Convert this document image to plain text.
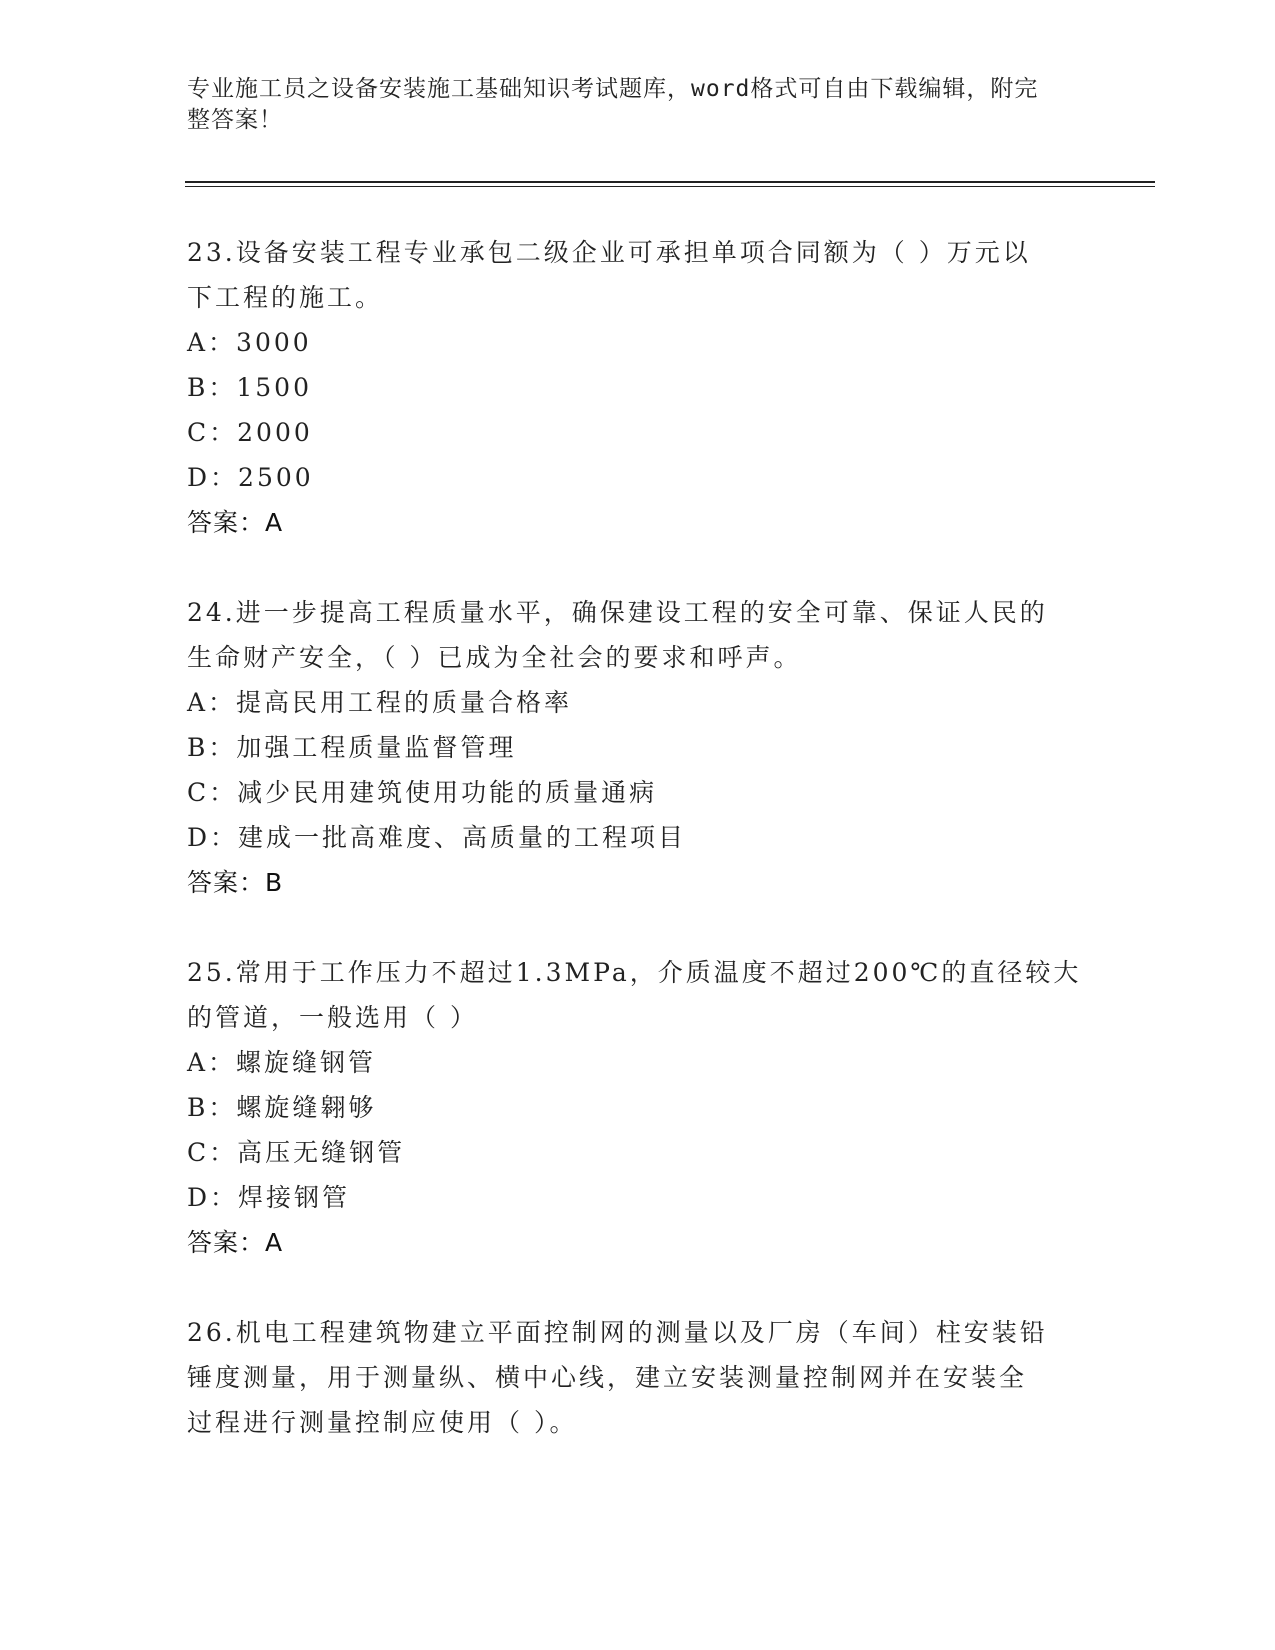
专业施工员之设备安装施工基础知识考试题库，word格式可自由下载编辑，附完
整答案！
23.设备安装工程专业承包二级企业可承担单项合同额为（ ）万元以
下工程的施工。
A：3000
B：1500
C：2000
D：2500
答案：A
24.进一步提高工程质量水平，确保建设工程的安全可靠、保证人民的
生命财产安全，（ ）已成为全社会的要求和呼声。
A：提高民用工程的质量合格率
B：加强工程质量监督管理
C：减少民用建筑使用功能的质量通病
D：建成一批高难度、高质量的工程项目
答案：B
25.常用于工作压力不超过1.3MPa，介质温度不超过200℃的直径较大
的管道，一般选用（ ）
A：螺旋缝钢管
B：螺旋缝翱够
C：高压无缝钢管
D：焊接钢管
答案：A
26.机电工程建筑物建立平面控制网的测量以及厂房（车间）柱安装铅
锤度测量，用于测量纵、横中心线，建立安装测量控制网并在安装全
过程进行测量控制应使用（ ）。
